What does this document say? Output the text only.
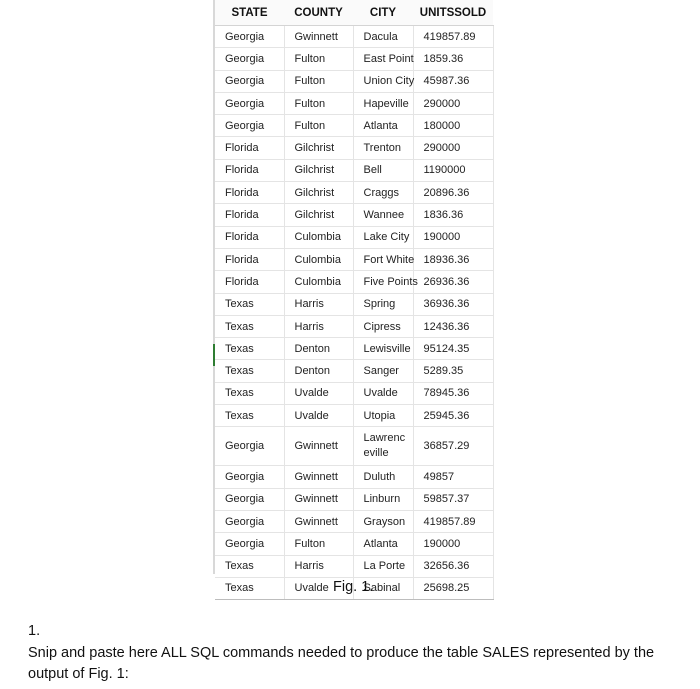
STATE	COUNTY	CITY	UNITSSOLD
Georgia	Gwinnett	Dacula	419857.89
Georgia	Fulton	East Point	1859.36
Georgia	Fulton	Union City	45987.36
Georgia	Fulton	Hapeville	290000
Georgia	Fulton	Atlanta	180000
Florida	Gilchrist	Trenton	290000
Florida	Gilchrist	Bell	1190000
Florida	Gilchrist	Craggs	20896.36
Florida	Gilchrist	Wannee	1836.36
Florida	Culombia	Lake City	190000
Florida	Culombia	Fort White	18936.36
Florida	Culombia	Five Points	26936.36
Texas	Harris	Spring	36936.36
Texas	Harris	Cipress	12436.36
Texas	Denton	Lewisville	95124.35
Texas	Denton	Sanger	5289.35
Texas	Uvalde	Uvalde	78945.36
Texas	Uvalde	Utopia	25945.36
Georgia	Gwinnett	Lawrenceville	36857.29
Georgia	Gwinnett	Duluth	49857
Georgia	Gwinnett	Linburn	59857.37
Georgia	Gwinnett	Grayson	419857.89
Georgia	Fulton	Atlanta	190000
Texas	Harris	La Porte	32656.36
Texas	Uvalde	Sabinal	25698.25
Fig. 1.
1.
Snip and paste here ALL SQL commands needed to produce the table SALES represented by the output of Fig. 1:
